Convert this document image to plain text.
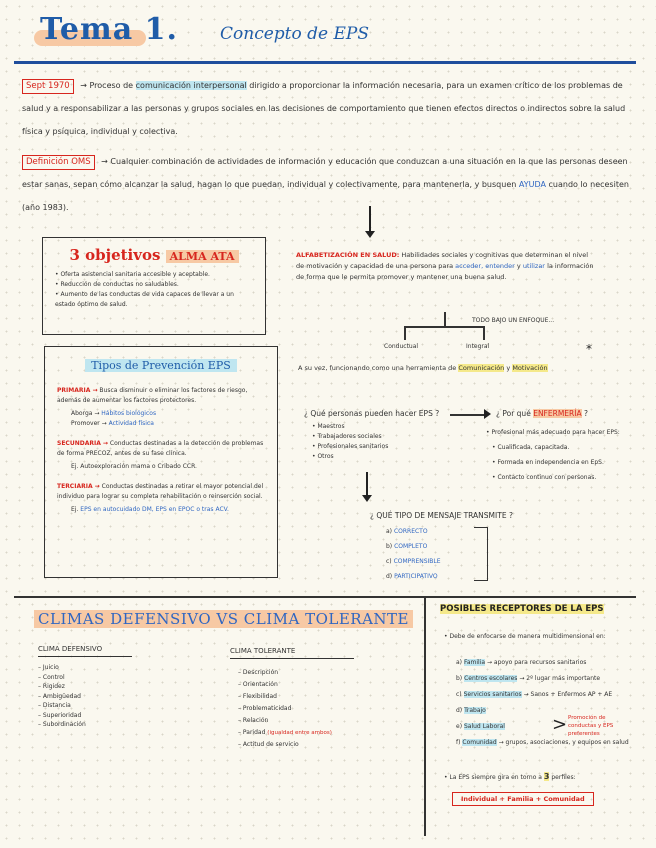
Tema 1. Concepto de EPS
Sept 1970 → Proceso de comunicación interpersonal dirigido a proporcionar la información necesaria, para un examen crítico de los problemas de salud y a responsabilizar a las personas y grupos sociales en las decisiones de comportamiento que tienen efectos directos o indirectos sobre la salud física y psíquica, individual y colectiva.
Definición OMS → Cualquier combinación de actividades de información y educación que conduzcan a una situación en la que las personas deseen estar sanas, sepan cómo alcanzar la salud, hagan lo que puedan, individual y colectivamente, para mantenerla, y busquen AYUDA cuando lo necesiten (año 1983).
3 objetivos ALMA ATA
• Oferta asistencial sanitaria accesible y aceptable.
• Reducción de conductas no saludables.
• Aumento de las conductas de vida capaces de llevar a un estado óptimo de salud.
ALFABETIZACIÓN EN SALUD: Habilidades sociales y cognitivas que determinan el nivel de motivación y capacidad de una persona para acceder, entender y utilizar la información de forma que le permita promover y mantener una buena salud.
TODO BAJO UN ENFOQUE...
Conductual	Integral	*
A su vez, funcionando como una herramienta de Comunicación y Motivación
¿ Qué personas pueden hacer EPS ?
• Maestros
• Trabajadores sociales
• Profesionales sanitarios
• Otros
¿ Por qué ENFERMERÍA ?
• Profesional más adecuado para hacer EPS:
• Cualificada, capacitada.
• Formada en independencia en EpS.
• Contacto continuo con personas.
¿ QUÉ TIPO DE MENSAJE TRANSMITE ?
a) CORRECTO
b) COMPLETO
c) COMPRENSIBLE
d) PARTICIPATIVO
Tipos de Prevención EPS
PRIMARIA → Busca disminuir o eliminar los factores de riesgo, además de aumentar los factores protectores.
Aborga → Hábitos biológicos
Promover → Actividad física
SECUNDARIA → Conductas destinadas a la detección de problemas de forma PRECOZ, antes de su fase clínica.
Ej. Autoexploración mama o Cribado CCR.
TERCIARIA → Conductas destinadas a retirar el mayor potencial del individuo para lograr su completa rehabilitación o reinserción social.
Ej. EPS en autocuidado DM, EPS en EPOC o tras ACV.
CLIMAS DEFENSIVO VS CLIMA TOLERANTE
CLIMA DEFENSIVO
– Juicio
– Control
– Rigidez
– Ambigüedad
– Distancia
– Superioridad
– Subordinación
CLIMA TOLERANTE
– Descripción
– Orientación
– Flexibilidad
– Problematicidad
– Relación
– Paridad (igualdad entre ambos)
– Actitud de servicio
POSIBLES RECEPTORES DE LA EPS
• Debe de enfocarse de manera multidimensional en:
a) Familia → apoyo para recursos sanitarios
b) Centros escolares → 2º lugar más importante
c) Servicios sanitarios → Sanos + Enfermos AP + AE
d) Trabajo
e) Salud Laboral
f) Comunidad → grupos, asociaciones, y equipos en salud
> Promoción de conductas y EPS preferentes
• La EPS siempre gira en torno a 3 perfiles:
Individual + Familia + Comunidad
